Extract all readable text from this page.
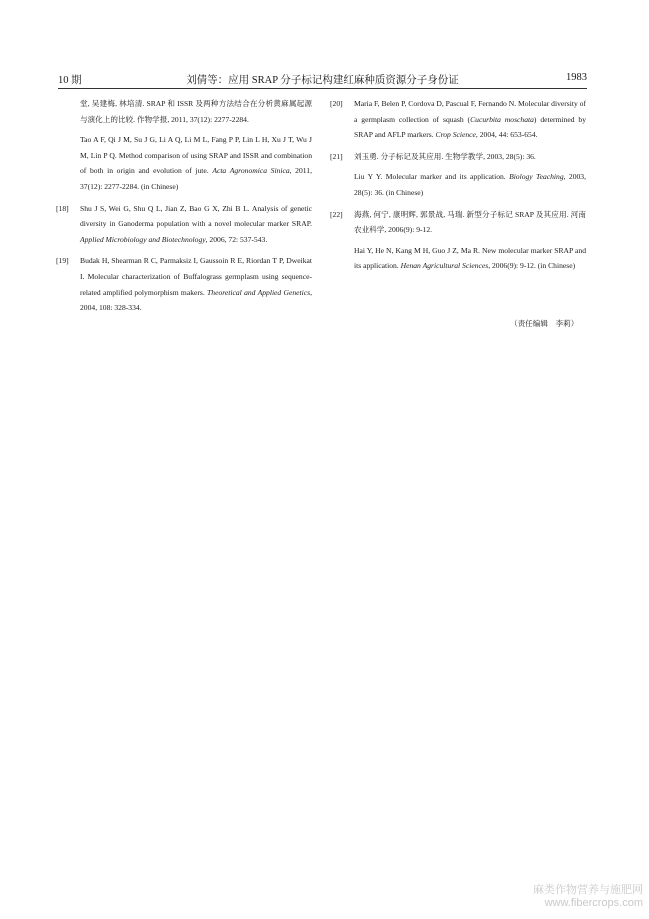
10 期	刘倩等：应用 SRAP 分子标记构建红麻种质资源分子身份证	1983

堂, 吴建梅, 林培清. SRAP 和 ISSR 及两种方法结合在分析黄麻属起源与演化上的比较. 作物学报, 2011, 37(12): 2277-2284.

Tao A F, Qi J M, Su J G, Li A Q, Li M L, Fang P P, Lin L H, Xu J T, Wu J M, Lin P Q. Method comparison of using SRAP and ISSR and combination of both in origin and evolution of jute. Acta Agronomica Sinica, 2011, 37(12): 2277-2284. (in Chinese)

[18] Shu J S, Wei G, Shu Q L, Jian Z, Bao G X, Zhi B L. Analysis of genetic diversity in Ganoderma population with a novel molecular marker SRAP. Applied Microbiology and Biotechnology, 2006, 72: 537-543.

[19] Budak H, Shearman R C, Parmaksiz I, Gaussoin R E, Riordan T P, Dweikat I. Molecular characterization of Buffalograss germplasm using sequence-related amplified polymorphism makers. Theoretical and Applied Genetics, 2004, 108: 328-334.

[20] Maria F, Belen P, Cordova D, Pascual F, Fernando N. Molecular diversity of a germplasm collection of squash (Cucurbita moschata) determined by SRAP and AFLP markers. Crop Science, 2004, 44: 653-654.

[21] 刘玉勇. 分子标记及其应用. 生物学教学, 2003, 28(5): 36.

Liu Y Y. Molecular marker and its application. Biology Teaching, 2003, 28(5): 36. (in Chinese)

[22] 海燕, 何宁, 康明辉, 郭景战, 马瑞. 新型分子标记 SRAP 及其应用. 河南农业科学, 2006(9): 9-12.

Hai Y, He N, Kang M H, Guo J Z, Ma R. New molecular marker SRAP and its application. Henan Agricultural Sciences, 2006(9): 9-12. (in Chinese)

（责任编辑　李莉）
麻类作物营养与施肥网
www.fibercrops.com
